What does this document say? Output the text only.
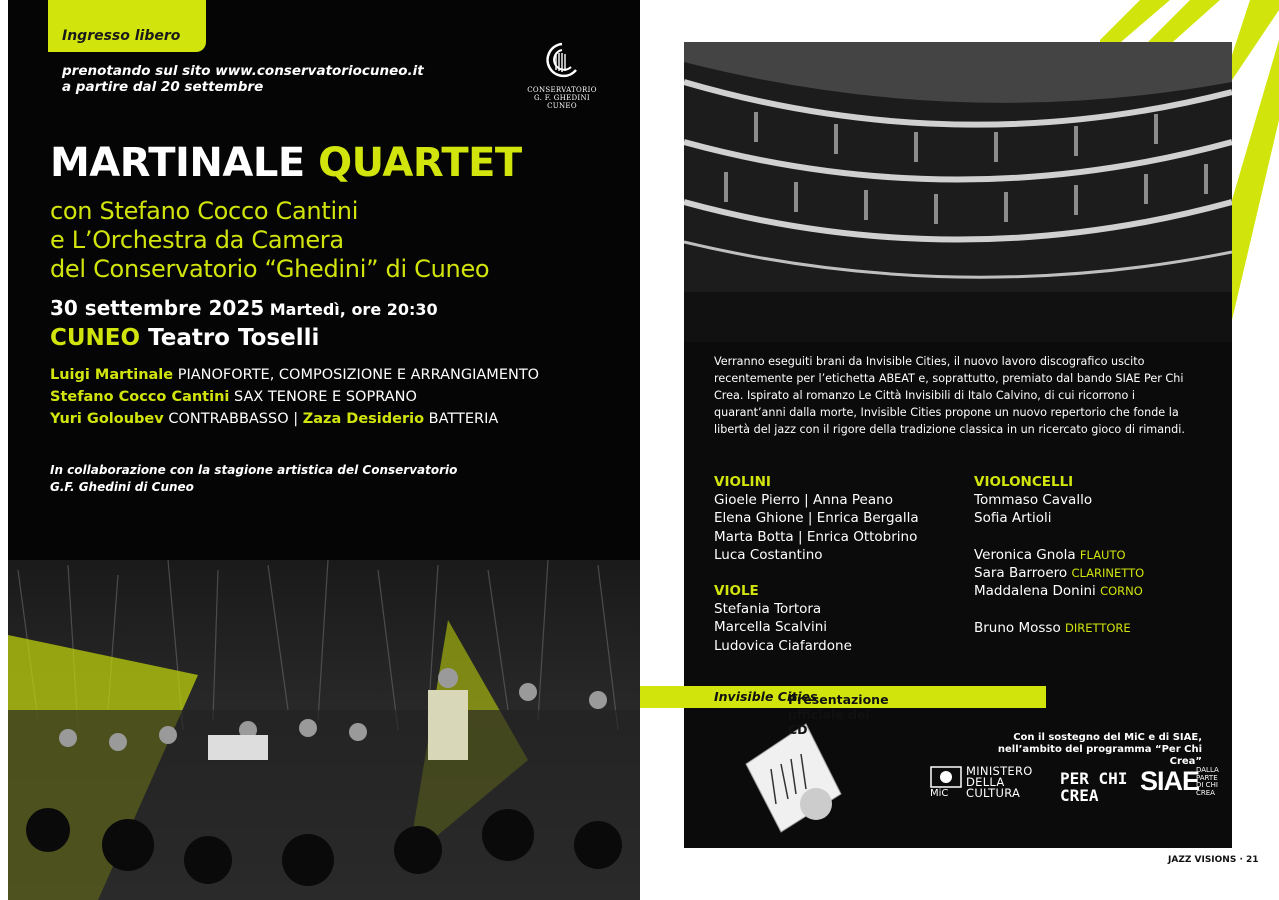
Ingresso libero
prenotando sul sito www.conservatoriocuneo.it
a partire dal 20 settembre	CONSERVATORIO
G. F. GHEDINI
CUNEO
MARTINALE QUARTET
con Stefano Cocco Cantini
e L’Orchestra da Camera
del Conservatorio “Ghedini” di Cuneo
30 settembre 2025 Martedì, ore 20:30
CUNEO Teatro Toselli
Luigi Martinale PIANOFORTE, COMPOSIZIONE E ARRANGIAMENTO
Stefano Cocco Cantini SAX TENORE E SOPRANO
Yuri Goloubev CONTRABBASSO | Zaza Desiderio BATTERIA
In collaborazione con la stagione artistica del Conservatorio
G.F. Ghedini di Cuneo
Verranno eseguiti brani da Invisible Cities, il nuovo lavoro discografico uscito recentemente per l’etichetta ABEAT e, soprattutto, premiato dal bando SIAE Per Chi Crea. Ispirato al romanzo Le Città Invisibili di Italo Calvino, di cui ricorrono i quarant’anni dalla morte, Invisible Cities propone un nuovo repertorio che fonde la libertà del jazz con il rigore della tradizione classica in un ricercato gioco di rimandi.
VIOLINI
Gioele Pierro | Anna Peano
Elena Ghione | Enrica Bergalla
Marta Botta | Enrica Ottobrino
Luca Costantino
VIOLE
Stefania Tortora
Marcella Scalvini
Ludovica Ciafardone
VIOLONCELLI
Tommaso Cavallo
Sofia Artioli
Veronica Gnola FLAUTO
Sara Barroero CLARINETTO
Maddalena Donini CORNO
Bruno Mosso DIRETTORE
Con il sostegno del MiC e di SIAE,
nell’ambito del programma “Per Chi Crea”
MINISTERO
DELLA
CULTURA
MiC
PER CHI
CREA	SIAE
DALLA
PARTE
DI CHI
CREA
Presentazione ufficiale del CD
Invisible Cities
JAZZ VISIONS · 21
